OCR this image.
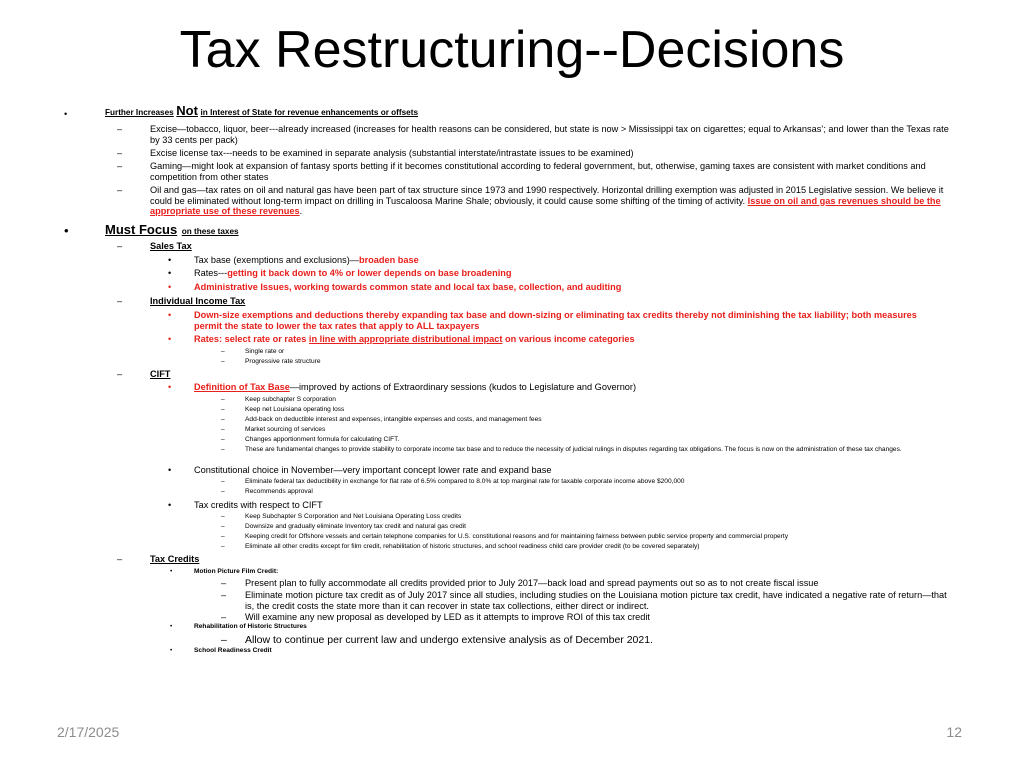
Tax Restructuring--Decisions
•	Further Increases Not in Interest of State for revenue enhancements or offsets
–	Excise—tobacco, liquor, beer---already increased (increases for health reasons can be considered, but state is now > Mississippi tax on cigarettes; equal to Arkansas’; and lower than the Texas rate by 33 cents per pack)
–	Excise license tax---needs to be examined in separate analysis (substantial interstate/intrastate issues to be examined)
–	Gaming—might look at expansion of fantasy sports betting if it becomes constitutional according to federal government, but, otherwise, gaming taxes are consistent with market conditions and competition from other states
–	Oil and gas—tax rates on oil and natural gas have been part of tax structure since 1973 and 1990 respectively. Horizontal drilling exemption was adjusted in 2015 Legislative session. We believe it could be eliminated without long-term impact on drilling in Tuscaloosa Marine Shale; obviously, it could cause some shifting of the timing of activity. Issue on oil and gas revenues should be the appropriate use of these revenues.
•	Must Focus on these taxes
–	Sales Tax
• Tax base (exemptions and exclusions)—broaden base
• Rates---getting it back down to 4% or lower depends on base broadening
• Administrative Issues, working towards common state and local tax base, collection, and auditing
–	Individual Income Tax
• Down-size exemptions and deductions thereby expanding tax base and down-sizing or eliminating tax credits thereby not diminishing the tax liability; both measures permit the state to lower the tax rates that apply to ALL taxpayers
• Rates: select rate or rates in line with appropriate distributional impact on various income categories
–	Single rate or
–	Progressive rate structure
–	CIFT
• Definition of Tax Base—improved by actions of Extraordinary sessions (kudos to Legislature and Governor)
–	Keep subchapter S corporation
–	Keep net Louisiana operating loss
–	Add-back on deductible interest and expenses, intangible expenses and costs, and management fees
–	Market sourcing of services
–	Changes apportionment formula for calculating CIFT.
–	These are fundamental changes to provide stability to corporate income tax base and to reduce the necessity of judicial rulings in disputes regarding tax obligations. The focus is now on the administration of these tax changes.
• Constitutional choice in November—very important concept lower rate and expand base
–	Eliminate federal tax deductibility in exchange for flat rate of 6.5% compared to 8.0% at top marginal rate for taxable corporate income above $200,000
–	Recommends approval
• Tax credits with respect to CIFT
–	Keep Subchapter S Corporation and Net Louisiana Operating Loss credits
–	Downsize and gradually eliminate Inventory tax credit and natural gas credit
–	Keeping credit for Offshore vessels and certain telephone companies for U.S. constitutional reasons and for maintaining fairness between public service property and commercial property
–	Eliminate all other credits except for film credit, rehabilitation of historic structures, and school readiness child care provider credit (to be covered separately)
–	Tax Credits
•	Motion Picture Film Credit:
– Present plan to fully accommodate all credits provided prior to July 2017—back load and spread payments out so as to not create fiscal issue
– Eliminate motion picture tax credit as of July 2017 since all studies, including studies on the Louisiana motion picture tax credit, have indicated a negative rate of return—that is, the credit costs the state more than it can recover in state tax collections, either direct or indirect.
– Will examine any new proposal as developed by LED as it attempts to improve ROI of this tax credit
•	Rehabilitation of Historic Structures
– Allow to continue per current law and undergo extensive analysis as of December 2021.
•	School Readiness Credit
2/17/2025	12
